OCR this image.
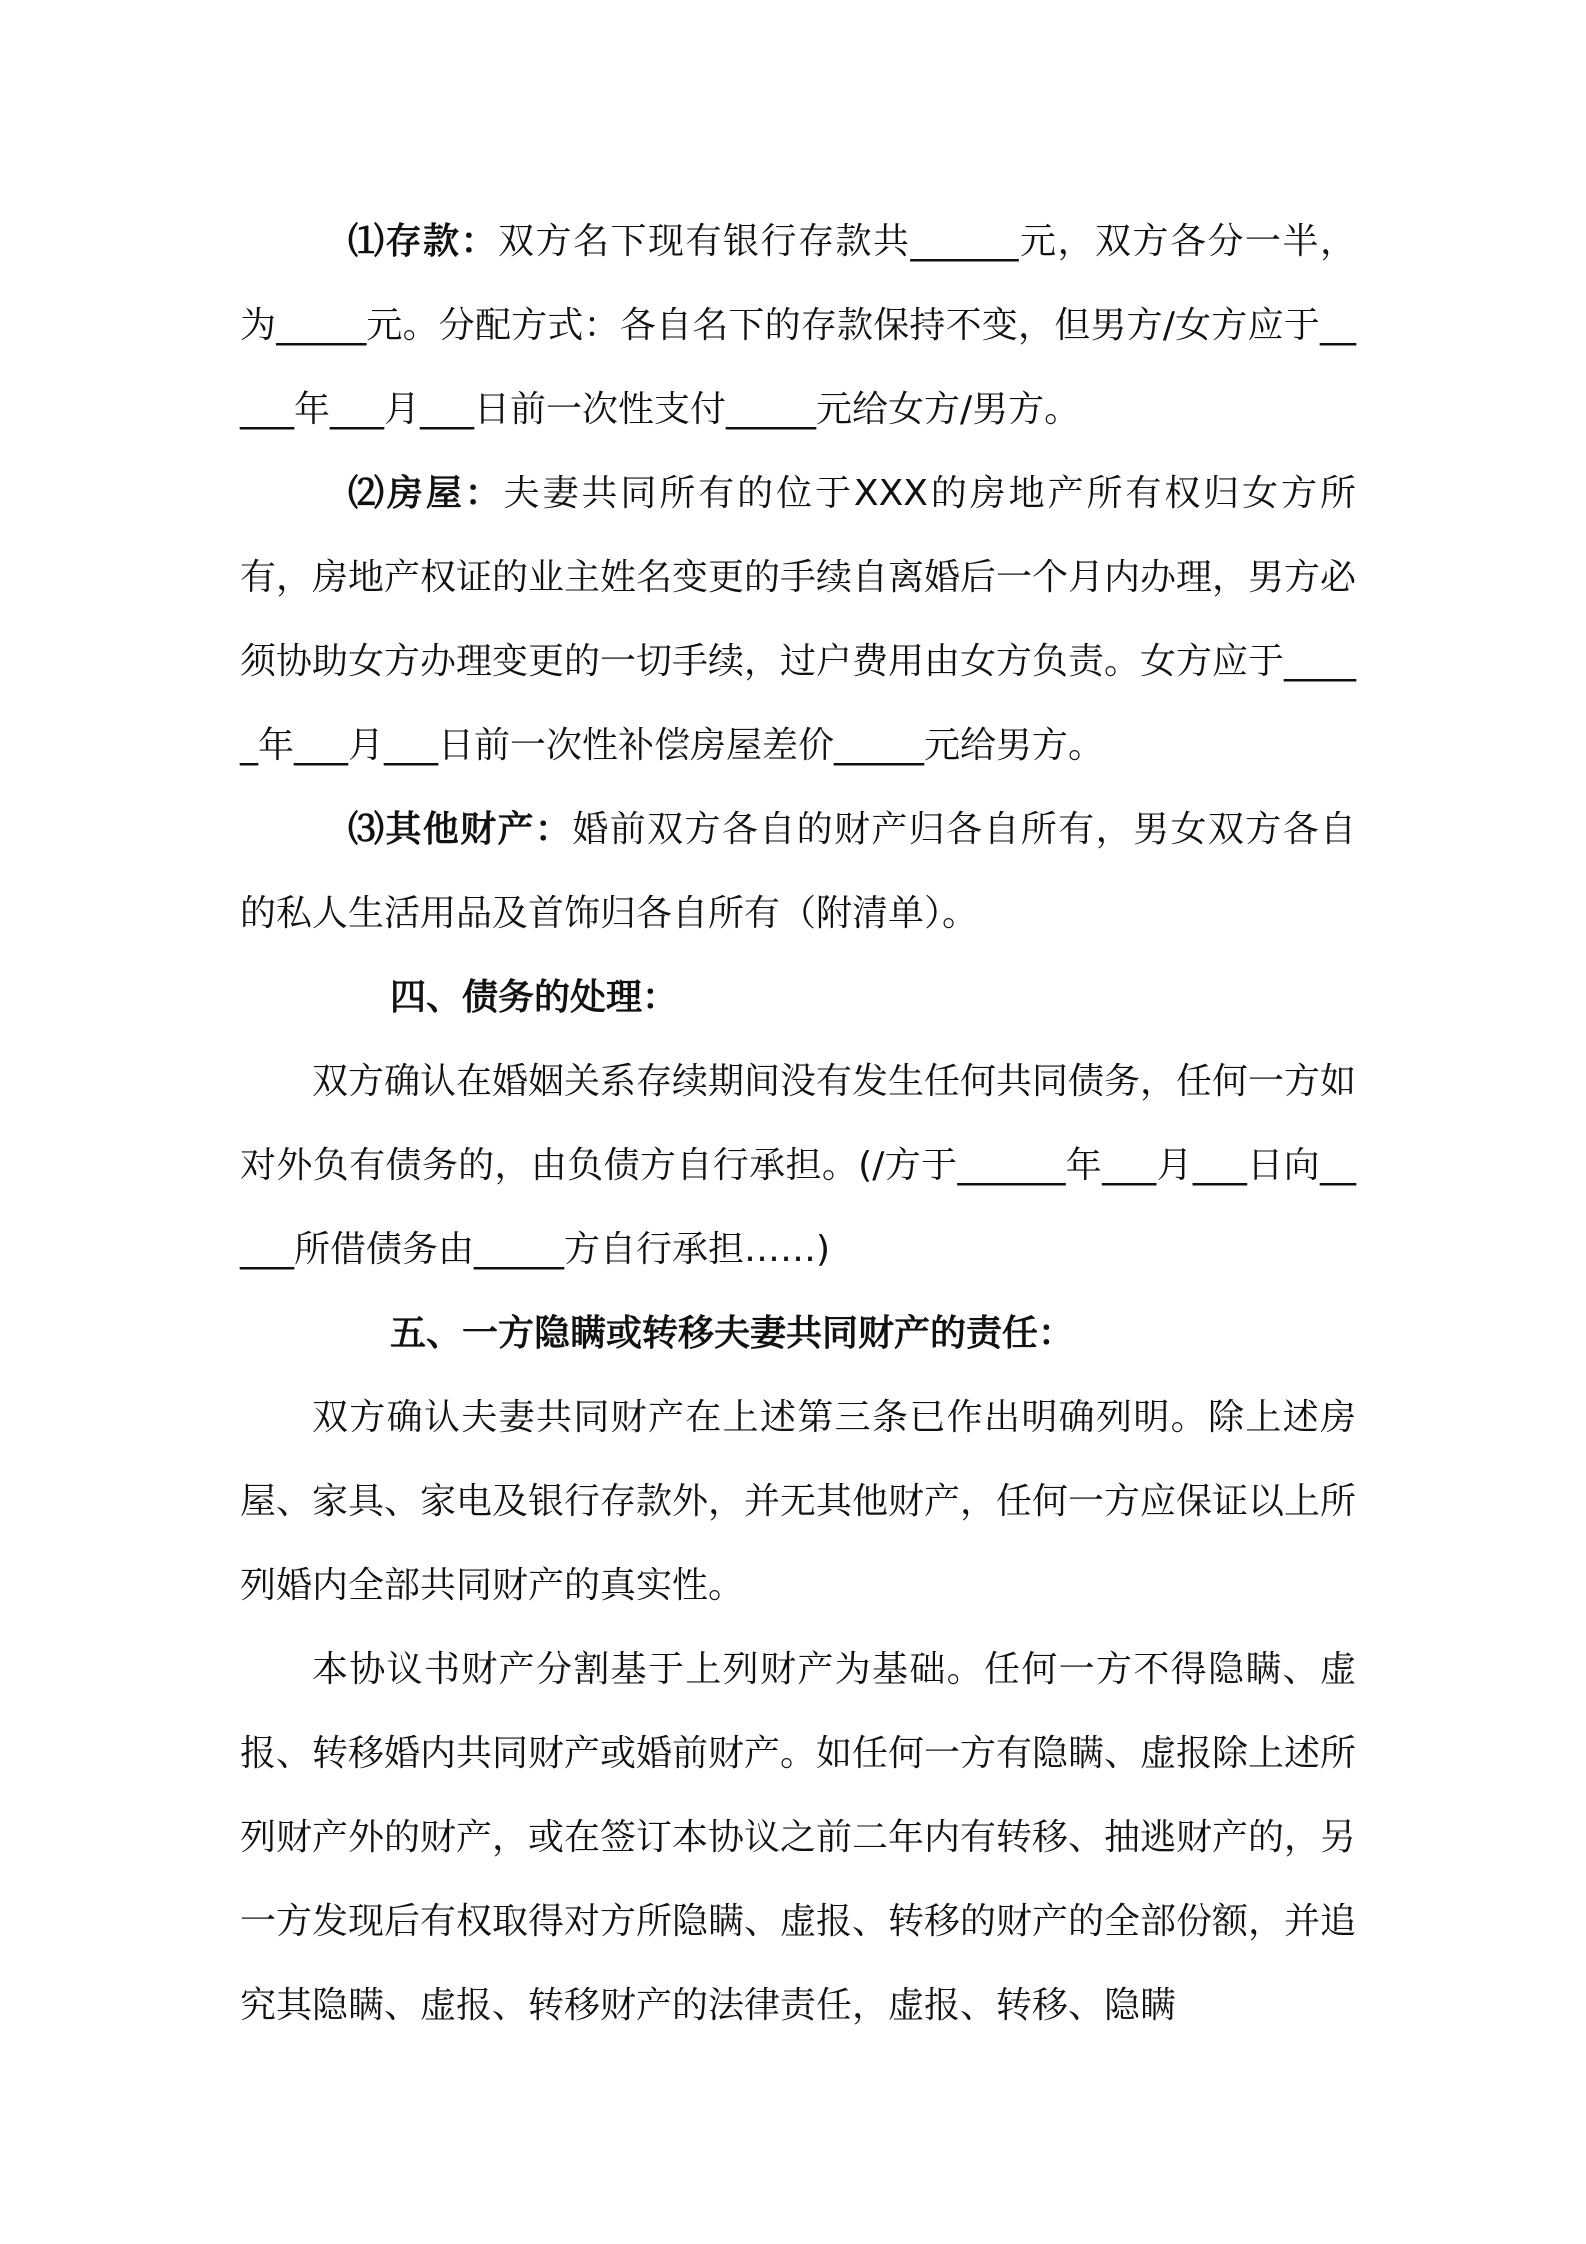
⑴存款：双方名下现有银行存款共______元，双方各分一半，为_____元。分配方式：各自名下的存款保持不变，但男方/女方应于_____年___月___日前一次性支付_____元给女方/男方。

⑵房屋：夫妻共同所有的位于XXX的房地产所有权归女方所有，房地产权证的业主姓名变更的手续自离婚后一个月内办理，男方必须协助女方办理变更的一切手续，过户费用由女方负责。女方应于_____年___月___日前一次性补偿房屋差价_____元给男方。

⑶其他财产：婚前双方各自的财产归各自所有，男女双方各自的私人生活用品及首饰归各自所有（附清单）。

四、债务的处理：

双方确认在婚姻关系存续期间没有发生任何共同债务，任何一方如对外负有债务的，由负债方自行承担。(/方于______年___月___日向_____所借债务由_____方自行承担……)

五、一方隐瞒或转移夫妻共同财产的责任：

双方确认夫妻共同财产在上述第三条已作出明确列明。除上述房屋、家具、家电及银行存款外，并无其他财产，任何一方应保证以上所列婚内全部共同财产的真实性。

本协议书财产分割基于上列财产为基础。任何一方不得隐瞒、虚报、转移婚内共同财产或婚前财产。如任何一方有隐瞒、虚报除上述所列财产外的财产，或在签订本协议之前二年内有转移、抽逃财产的，另一方发现后有权取得对方所隐瞒、虚报、转移的财产的全部份额，并追究其隐瞒、虚报、转移财产的法律责任，虚报、转移、隐瞒
